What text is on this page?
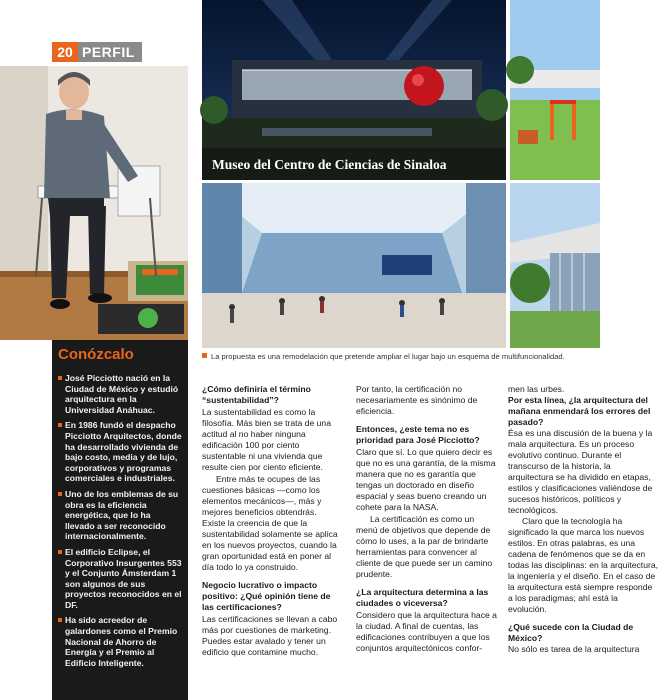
20 PERFIL
Conózcalo
José Picciotto nació en la Ciudad de México y estudió arquitectura en la Universidad Anáhuac.
En 1986 fundó el despacho Picciotto Arquitectos, donde ha desarrollado vivienda de bajo costo, media y de lujo, corporativos y programas comerciales e industriales.
Uno de los emblemas de su obra es la eficiencia energética, que lo ha llevado a ser reconocido internacionalmente.
El edificio Eclipse, el Corporativo Insurgentes 553 y el Conjunto Ámsterdam 1 son algunos de sus proyectos reconocidos en el DF.
Ha sido acreedor de galardones como el Premio Nacional de Ahorro de Energía y el Premio al Edificio Inteligente.
Museo del Centro de Ciencias de Sinaloa
La propuesta es una remodelación que pretende ampliar el lugar bajo un esquema de multifuncionalidad.

¿Cómo definiría el término “sustentabilidad”?

La sustentabilidad es como la filosofía. Más bien se trata de una actitud al no haber ninguna edificación 100 por ciento sustentable ni una vivienda que resulte cien por ciento eficiente.

Entre más te ocupes de las cuestiones básicas —como los elementos mecánicos—, más y mejores beneficios obtendrás. Existe la creencia de que la sustentabilidad solamente se aplica en los nuevos proyectos, cuando la gran oportunidad está en poner al día todo lo ya construido.

Negocio lucrativo o impacto positivo: ¿Qué opinión tiene de las certificaciones?

Las certificaciones se llevan a cabo más por cuestiones de marketing. Puedes estar avalado y tener un edificio que contamine mucho.

Por tanto, la certificación no necesariamente es sinónimo de eficiencia.

Entonces, ¿este tema no es prioridad para José Picciotto?

Claro que sí. Lo que quiero decir es que no es una garantía, de la misma manera que no es garantía que tengas un doctorado en diseño espacial y seas bueno creando un cohete para la NASA.

La certificación es como un menú de objetivos que depende de cómo lo uses, a la par de brindarte herramientas para convencer al cliente de que puede ser un camino prudente.

¿La arquitectura determina a las ciudades o viceversa?

Considero que la arquitectura hace a la ciudad. A final de cuentas, las edificaciones contribuyen a que los conjuntos arquitectónicos confor-

men las urbes.

Por esta línea, ¿la arquitectura del mañana enmendará los errores del pasado?

Ésa es una discusión de la buena y la mala arquitectura. Es un proceso evolutivo continuo. Durante el transcurso de la historia, la arquitectura se ha dividido en etapas, estilos y clasificaciones valiéndose de sucesos históricos, políticos y tecnológicos.

Claro que la tecnología ha significado la que marca los nuevos estilos. En otras palabras, es una cadena de fenómenos que se da en todas las disciplinas: en la arquitectura, la ingeniería y el diseño. En el caso de la arquitectura está siempre responde a los paradigmas; ahí está la evolución.

¿Qué sucede con la Ciudad de México?

No sólo es tarea de la arquitectura
